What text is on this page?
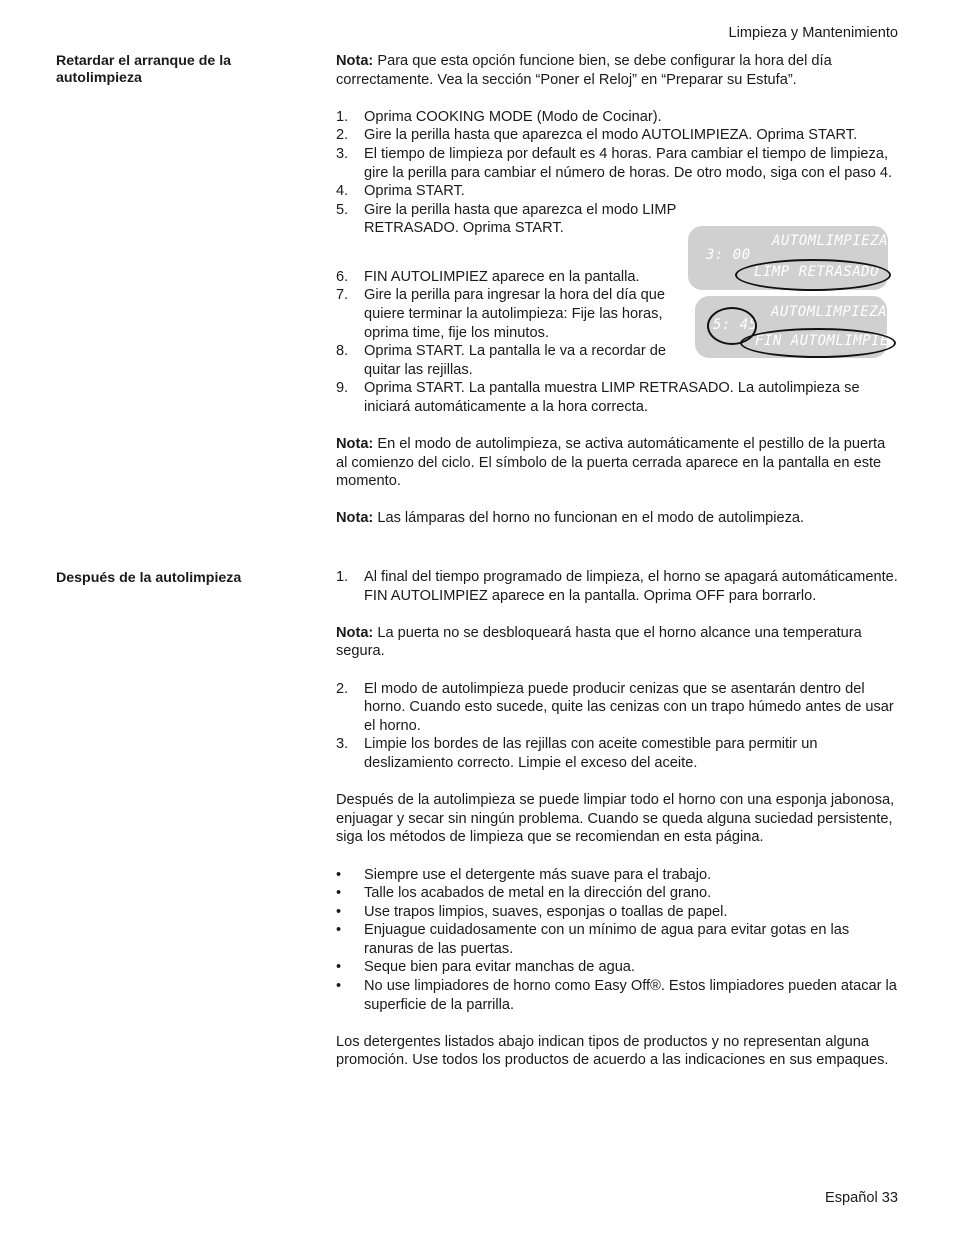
Limpieza y Mantenimiento
Retardar el arranque de la autolimpieza

Nota: Para que esta opción funcione bien, se debe configurar la hora del día correctamente. Vea la sección “Poner el Reloj” en “Preparar su Estufa”.

1.	Oprima COOKING MODE (Modo de Cocinar).
2.	Gire la perilla hasta que aparezca el modo AUTOLIMPIEZA. Oprima START.
3.	El tiempo de limpieza por default es 4 horas. Para cambiar el tiempo de limpieza, gire la perilla para cambiar el número de horas. De otro modo, siga con el paso 4.
4.	Oprima START.
5.	Gire la perilla hasta que aparezca el modo LIMP RETRASADO. Oprima START.
6.	FIN AUTOLIMPIEZ aparece en la pantalla.
7.	Gire la perilla para ingresar la hora del día que quiere terminar la autolimpieza: Fije las horas, oprima time, fije los minutos.
8.	Oprima START. La pantalla le va a recordar de quitar las rejillas.
9.	Oprima START. La pantalla muestra LIMP RETRASADO. La autolimpieza se iniciará automáticamente a la hora correcta.

Nota: En el modo de autolimpieza, se activa automáticamente el pestillo de la puerta al comienzo del ciclo. El símbolo de la puerta cerrada aparece en la pantalla en este momento.

Nota: Las lámparas del horno no funcionan en el modo de autolimpieza.

3: 00
AUTOMLIMPIEZA
LIMP RETRASADO
5: 45
AUTOMLIMPIEZA
FIN AUTOMLIMPIEZ
Después de la autolimpieza	1.	Al final del tiempo programado de limpieza, el horno se apagará automáticamente. FIN AUTOLIMPIEZ aparece en la pantalla. Oprima OFF para borrarlo.

Nota: La puerta no se desbloqueará hasta que el horno alcance una temperatura segura.

2.	El modo de autolimpieza puede producir cenizas que se asentarán dentro del horno. Cuando esto sucede, quite las cenizas con un trapo húmedo antes de usar el horno.
3.	Limpie los bordes de las rejillas con aceite comestible para permitir un deslizamiento correcto. Limpie el exceso del aceite.

Después de la autolimpieza se puede limpiar todo el horno con una esponja jabonosa, enjuagar y secar sin ningún problema. Cuando se queda alguna suciedad persistente, siga los métodos de limpieza que se recomiendan en esta página.

•	Siempre use el detergente más suave para el trabajo.
•	Talle los acabados de metal en la dirección del grano.
•	Use trapos limpios, suaves, esponjas o toallas de papel.
•	Enjuague cuidadosamente con un mínimo de agua para evitar gotas en las ranuras de las puertas.
•	Seque bien para evitar manchas de agua.
•	No use limpiadores de horno como Easy Off®. Estos limpiadores pueden atacar la superficie de la parrilla.

Los detergentes listados abajo indican tipos de productos y no representan alguna promoción. Use todos los productos de acuerdo a las indicaciones en sus empaques.

Español 33
